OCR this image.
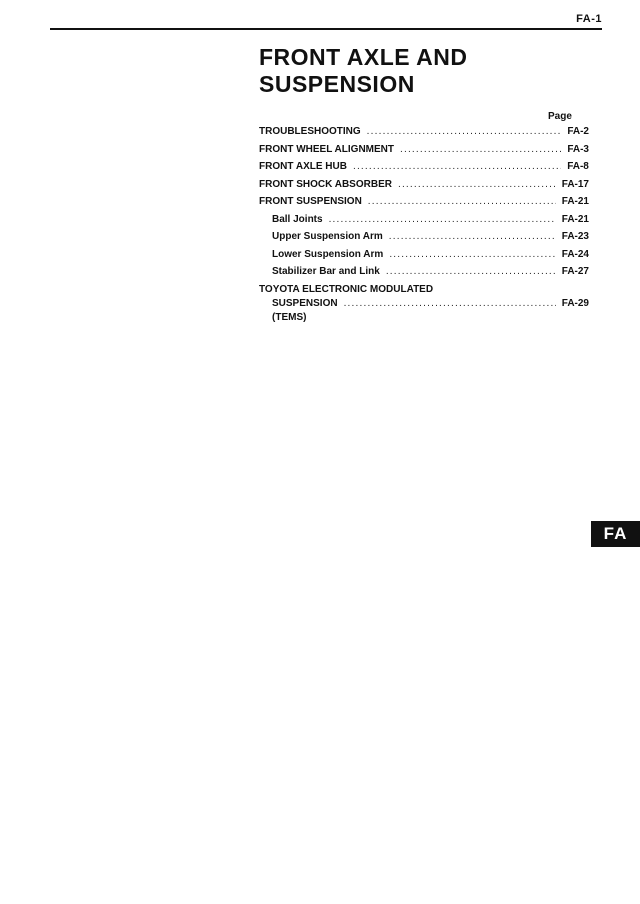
FA-1
FRONT AXLE AND
SUSPENSION
Page
TROUBLESHOOTING .....	FA-2
FRONT WHEEL ALIGNMENT .....	FA-3
FRONT AXLE HUB .....	FA-8
FRONT SHOCK ABSORBER .....	FA-17
FRONT SUSPENSION .....	FA-21
Ball Joints .....	FA-21
Upper Suspension Arm .....	FA-23
Lower Suspension Arm .....	FA-24
Stabilizer Bar and Link .....	FA-27
TOYOTA ELECTRONIC MODULATED
SUSPENSION .....	FA-29
(TEMS)
FA
